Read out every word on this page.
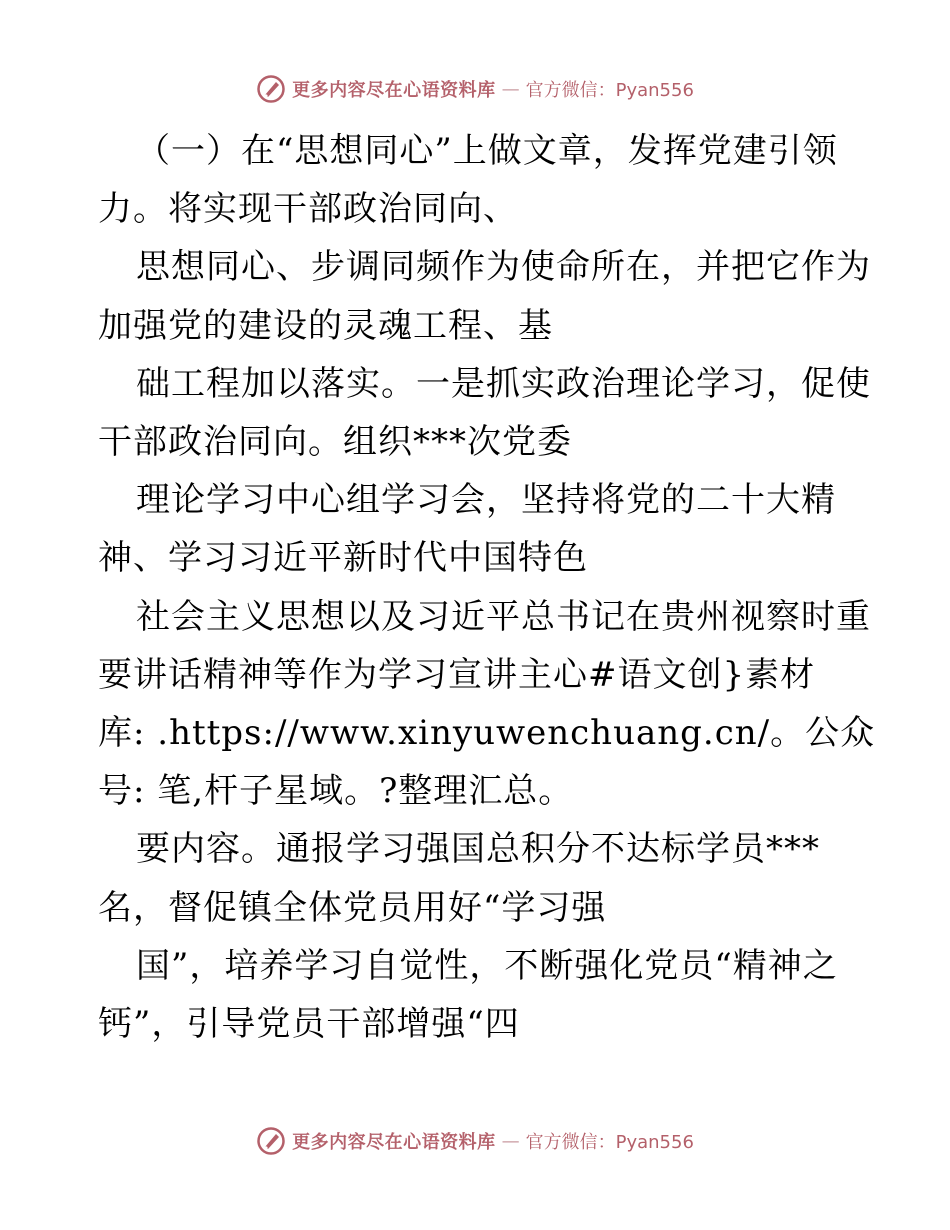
更多内容尽在心语资料库 — 官方微信：Pyan556

（一）在“思想同心”上做文章，发挥党建引领

力。将实现干部政治同向、

思想同心、步调同频作为使命所在，并把它作为

加强党的建设的灵魂工程、基

础工程加以落实。一是抓实政治理论学习，促使

干部政治同向。组织***次党委

理论学习中心组学习会，坚持将党的二十大精

神、学习习近平新时代中国特色

社会主义思想以及习近平总书记在贵州视察时重

要讲话精神等作为学习宣讲主心#语文创}素材

库: .https://www.xinyuwenchuang.cn/。公众

号: 笔,杆子星域。?整理汇总。

要内容。通报学习强国总积分不达标学员***

名，督促镇全体党员用好“学习强

国”，培养学习自觉性，不断强化党员“精神之

钙”，引导党员干部增强“四

更多内容尽在心语资料库 — 官方微信：Pyan556
